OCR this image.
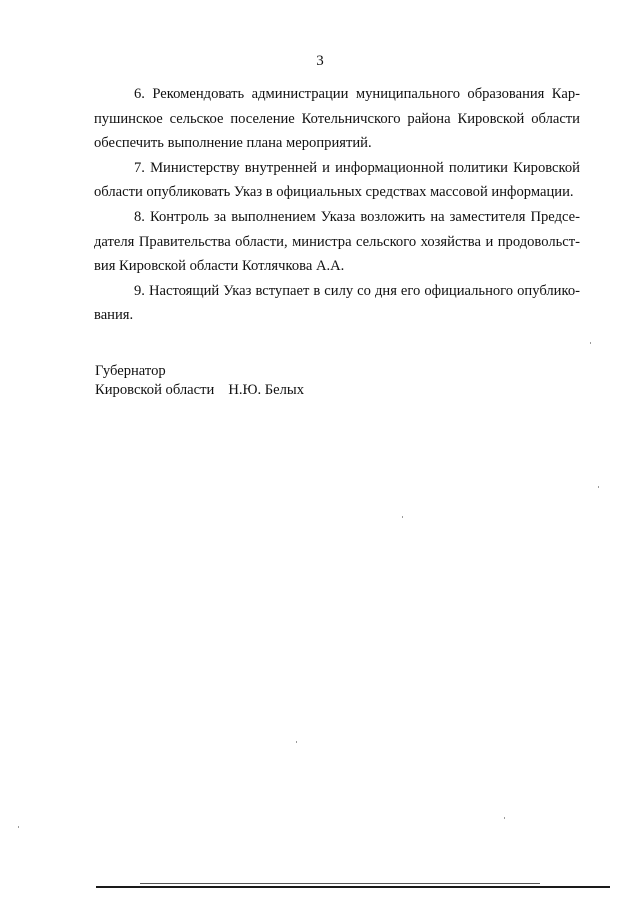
3

6. Рекомендовать администрации муниципального образования Кар-
пушинское сельское поселение Котельничского района Кировской области
обеспечить выполнение плана мероприятий.

7. Министерству внутренней и информационной политики Кировской
области опубликовать Указ в официальных средствах массовой информации.

8. Контроль за выполнением Указа возложить на заместителя Предсе-
дателя Правительства области, министра сельского хозяйства и продовольст-
вия Кировской области Котлячкова А.А.

9. Настоящий Указ вступает в силу со дня его официального опублико-
вания.

Губернатор
Кировской области Н.Ю. Белых
